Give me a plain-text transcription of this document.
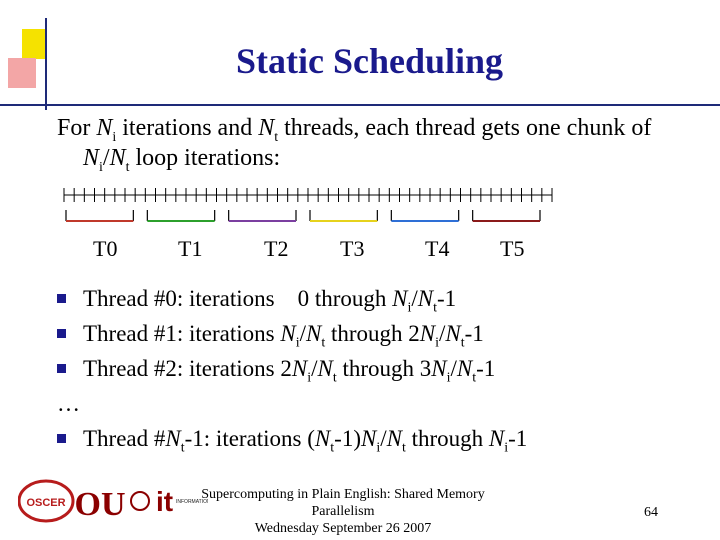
Static Scheduling
For $N_i$ iterations and $N_t$ threads, each thread gets one chunk of
$N_i/N_t$ loop iterations:
T0	T1	T2 T3	T4 T5
Thread #0: iterations    0 through $N_i/N_t-1$
Thread #1: iterations $N_i/N_t$ through $2N_i/N_t-1$
Thread #2: iterations $2N_i/N_t$ through $3N_i/N_t-1$
…
Thread $\#N_t-1$: iterations $(N_t-1)N_i/N_t$ through $N_i-1$
OSCER OU it INFORMATION
Supercomputing in Plain English: Shared Memory Parallelism
Wednesday September 26 2007
64
